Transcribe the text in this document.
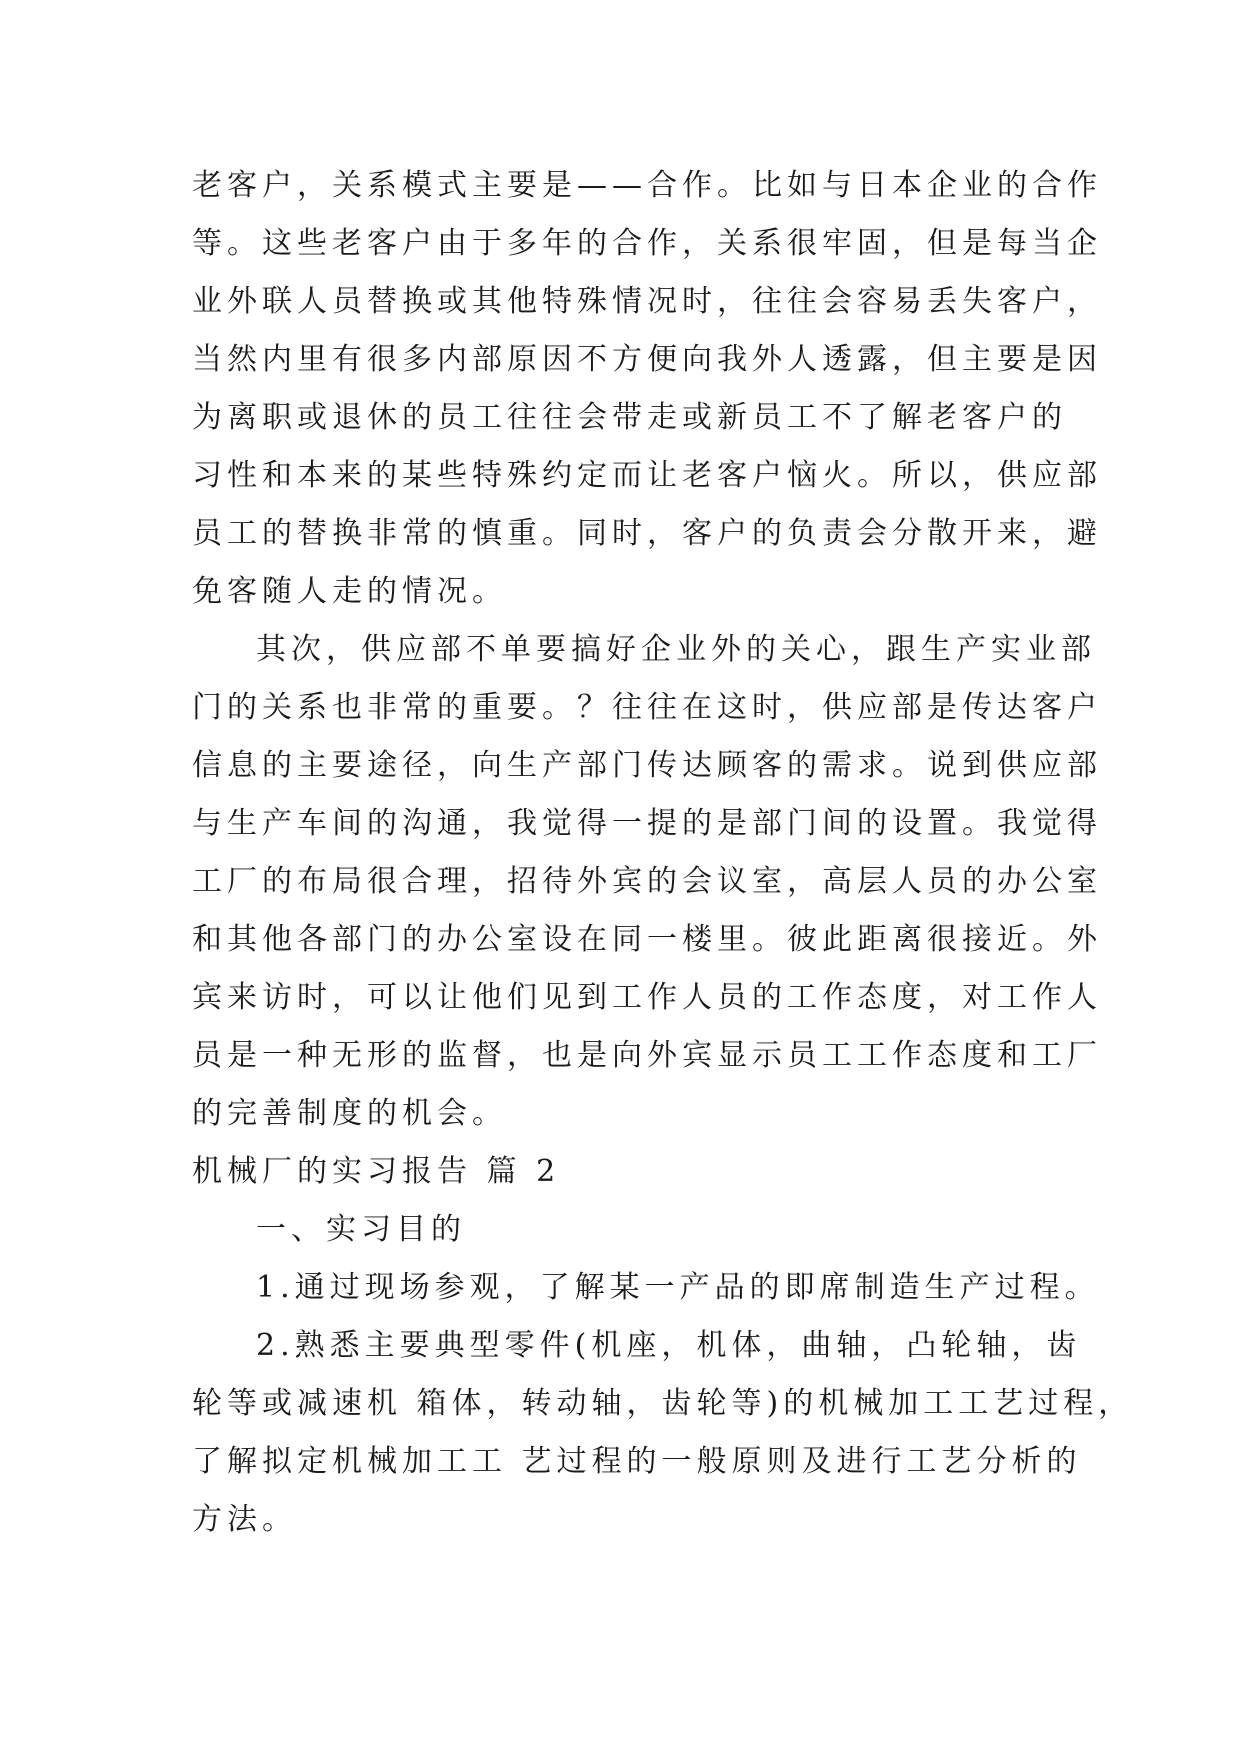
老客户，关系模式主要是——合作。比如与日本企业的合作
等。这些老客户由于多年的合作，关系很牢固，但是每当企
业外联人员替换或其他特殊情况时，往往会容易丢失客户，
当然内里有很多内部原因不方便向我外人透露，但主要是因
为离职或退休的员工往往会带走或新员工不了解老客户的
习性和本来的某些特殊约定而让老客户恼火。所以，供应部
员工的替换非常的慎重。同时，客户的负责会分散开来，避
免客随人走的情况。
其次，供应部不单要搞好企业外的关心，跟生产实业部
门的关系也非常的重要。？往往在这时，供应部是传达客户
信息的主要途径，向生产部门传达顾客的需求。说到供应部
与生产车间的沟通，我觉得一提的是部门间的设置。我觉得
工厂的布局很合理，招待外宾的会议室，高层人员的办公室
和其他各部门的办公室设在同一楼里。彼此距离很接近。外
宾来访时，可以让他们见到工作人员的工作态度，对工作人
员是一种无形的监督，也是向外宾显示员工工作态度和工厂
的完善制度的机会。
机械厂的实习报告 篇 2
一、实习目的
1.通过现场参观，了解某一产品的即席制造生产过程。
2.熟悉主要典型零件(机座，机体，曲轴，凸轮轴，齿
轮等或减速机 箱体，转动轴，齿轮等)的机械加工工艺过程，
了解拟定机械加工工 艺过程的一般原则及进行工艺分析的
方法。
